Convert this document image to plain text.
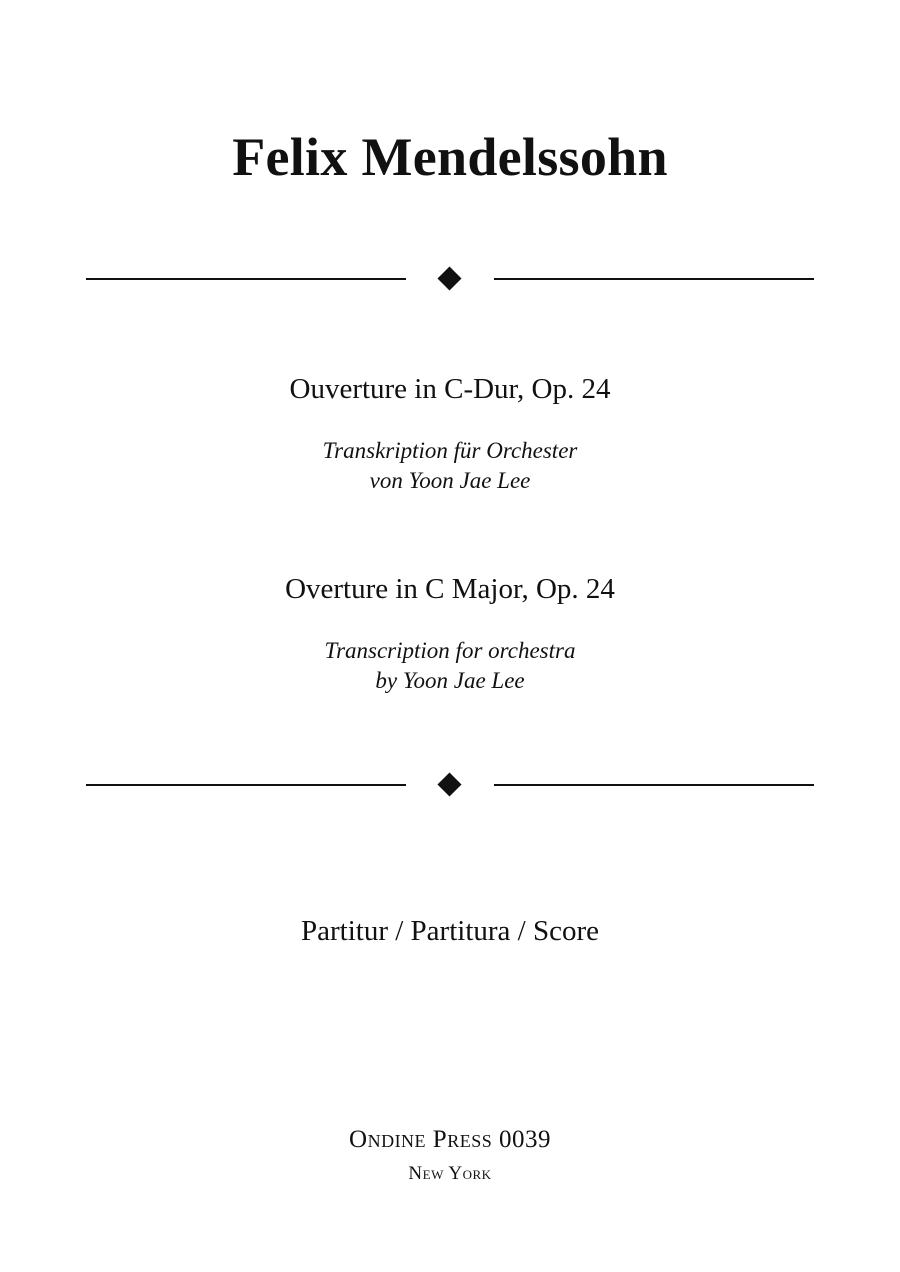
Felix Mendelssohn
Ouverture in C-Dur, Op. 24
Transkription für Orchester
von Yoon Jae Lee
Overture in C Major, Op. 24
Transcription for orchestra
by Yoon Jae Lee
Partitur / Partitura / Score
Ondine Press 0039
New York
